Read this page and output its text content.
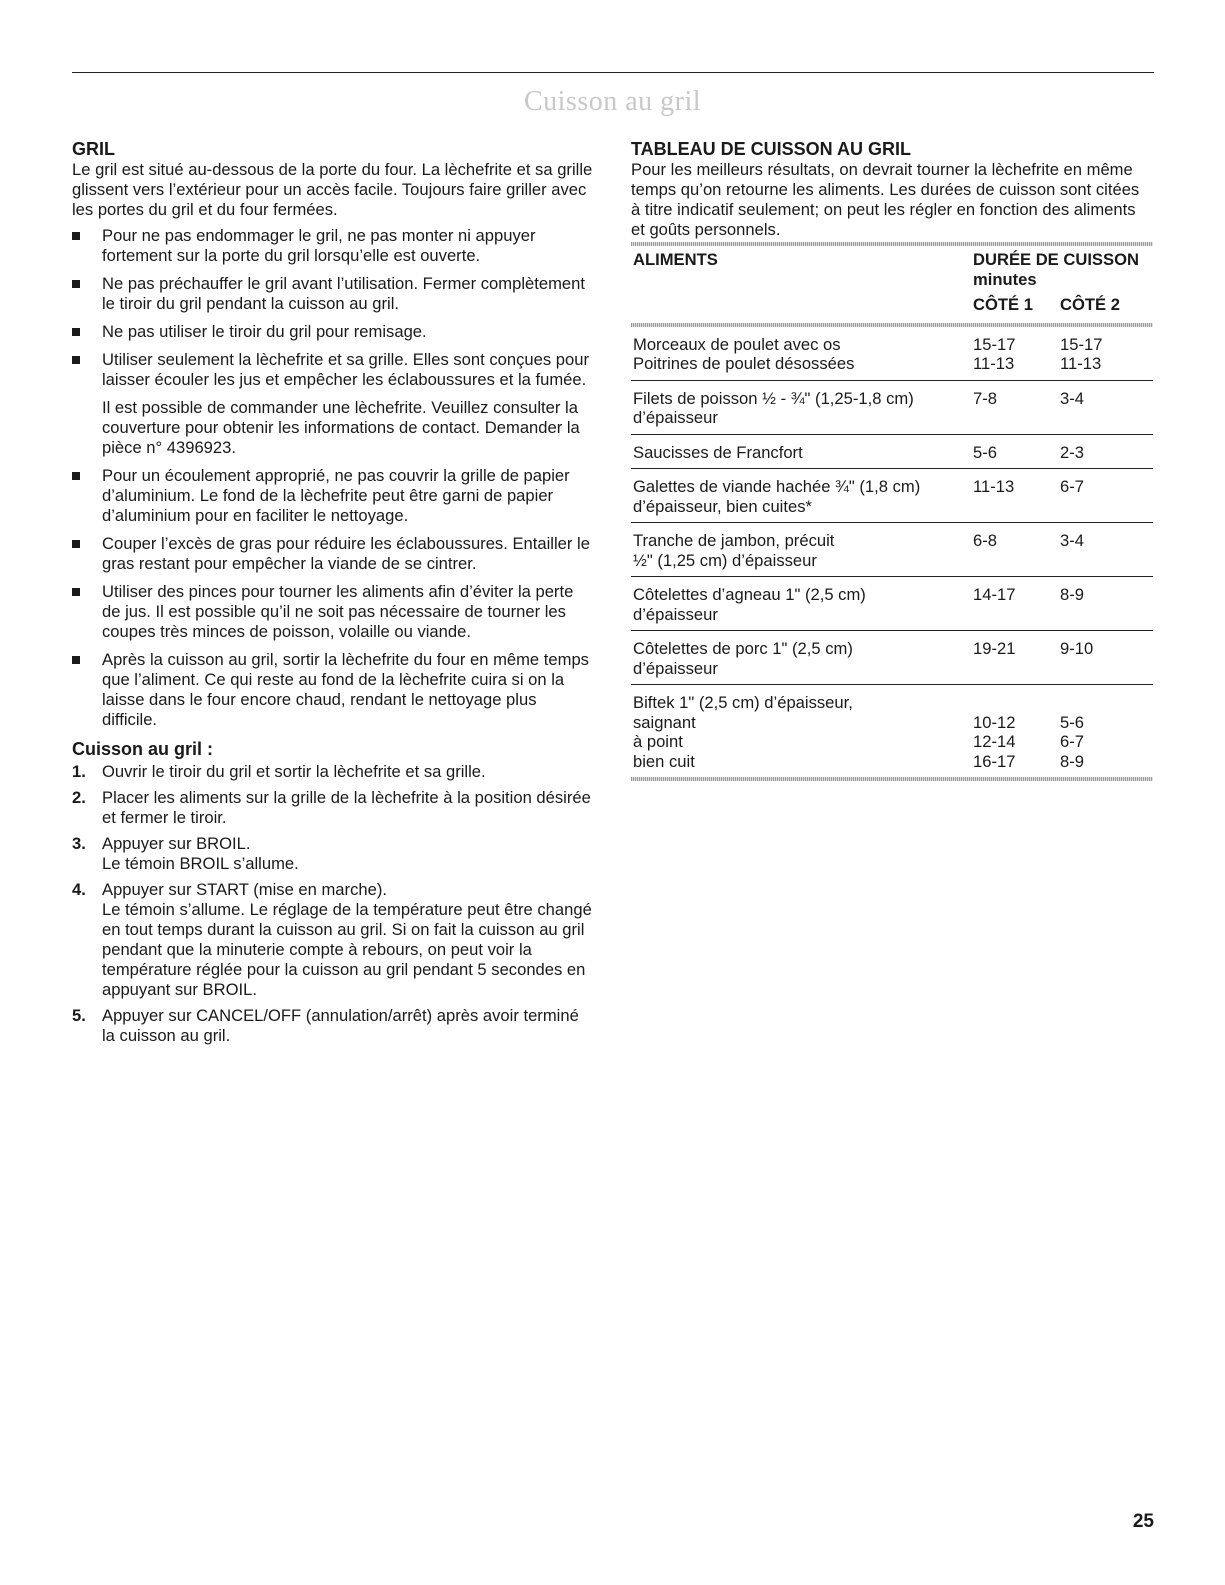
Cuisson au gril
GRIL

Le gril est situé au-dessous de la porte du four. La lèchefrite et sa grille glissent vers l’extérieur pour un accès facile. Toujours faire griller avec les portes du gril et du four fermées.

Pour ne pas endommager le gril, ne pas monter ni appuyer fortement sur la porte du gril lorsqu’elle est ouverte.
Ne pas préchauffer le gril avant l’utilisation. Fermer complètement le tiroir du gril pendant la cuisson au gril.
Ne pas utiliser le tiroir du gril pour remisage.
Utiliser seulement la lèchefrite et sa grille. Elles sont conçues pour laisser écouler les jus et empêcher les éclaboussures et la fumée.

Il est possible de commander une lèchefrite. Veuillez consulter la couverture pour obtenir les informations de contact. Demander la pièce n° 4396923.

Pour un écoulement approprié, ne pas couvrir la grille de papier d’aluminium. Le fond de la lèchefrite peut être garni de papier d’aluminium pour en faciliter le nettoyage.
Couper l’excès de gras pour réduire les éclaboussures. Entailler le gras restant pour empêcher la viande de se cintrer.
Utiliser des pinces pour tourner les aliments afin d’éviter la perte de jus. Il est possible qu’il ne soit pas nécessaire de tourner les coupes très minces de poisson, volaille ou viande.
Après la cuisson au gril, sortir la lèchefrite du four en même temps que l’aliment. Ce qui reste au fond de la lèchefrite cuira si on la laisse dans le four encore chaud, rendant le nettoyage plus difficile.
Cuisson au gril :
1. Ouvrir le tiroir du gril et sortir la lèchefrite et sa grille.
2. Placer les aliments sur la grille de la lèchefrite à la position désirée et fermer le tiroir.
3. Appuyer sur BROIL.
Le témoin BROIL s’allume.
4. Appuyer sur START (mise en marche).
Le témoin s’allume. Le réglage de la température peut être changé en tout temps durant la cuisson au gril. Si on fait la cuisson au gril pendant que la minuterie compte à rebours, on peut voir la température réglée pour la cuisson au gril pendant 5 secondes en appuyant sur BROIL.
5. Appuyer sur CANCEL/OFF (annulation/arrêt) après avoir terminé la cuisson au gril.
TABLEAU DE CUISSON AU GRIL

Pour les meilleurs résultats, on devrait tourner la lèchefrite en même temps qu’on retourne les aliments. Les durées de cuisson sont citées à titre indicatif seulement; on peut les régler en fonction des aliments et goûts personnels.

ALIMENTS	DURÉE DE CUISSON minutes	
	CÔTÉ 1	CÔTÉ 2
Morceaux de poulet avec os	15-17	15-17
Poitrines de poulet désossées	11-13	11-13
Filets de poisson ½ - ¾" (1,25-1,8 cm)	7-8	3-4
d’épaisseur		
Saucisses de Francfort	5-6	2-3
Galettes de viande hachée ¾" (1,8 cm)	11-13	6-7
d’épaisseur, bien cuites*		
Tranche de jambon, précuit	6-8	3-4
½" (1,25 cm) d’épaisseur		
Côtelettes d’agneau 1" (2,5 cm)	14-17	8-9
d’épaisseur		
Côtelettes de porc 1" (2,5 cm)	19-21	9-10
d’épaisseur		
Biftek 1" (2,5 cm) d’épaisseur,		
saignant	10-12	5-6
à point	12-14	6-7
bien cuit	16-17	8-9
25
